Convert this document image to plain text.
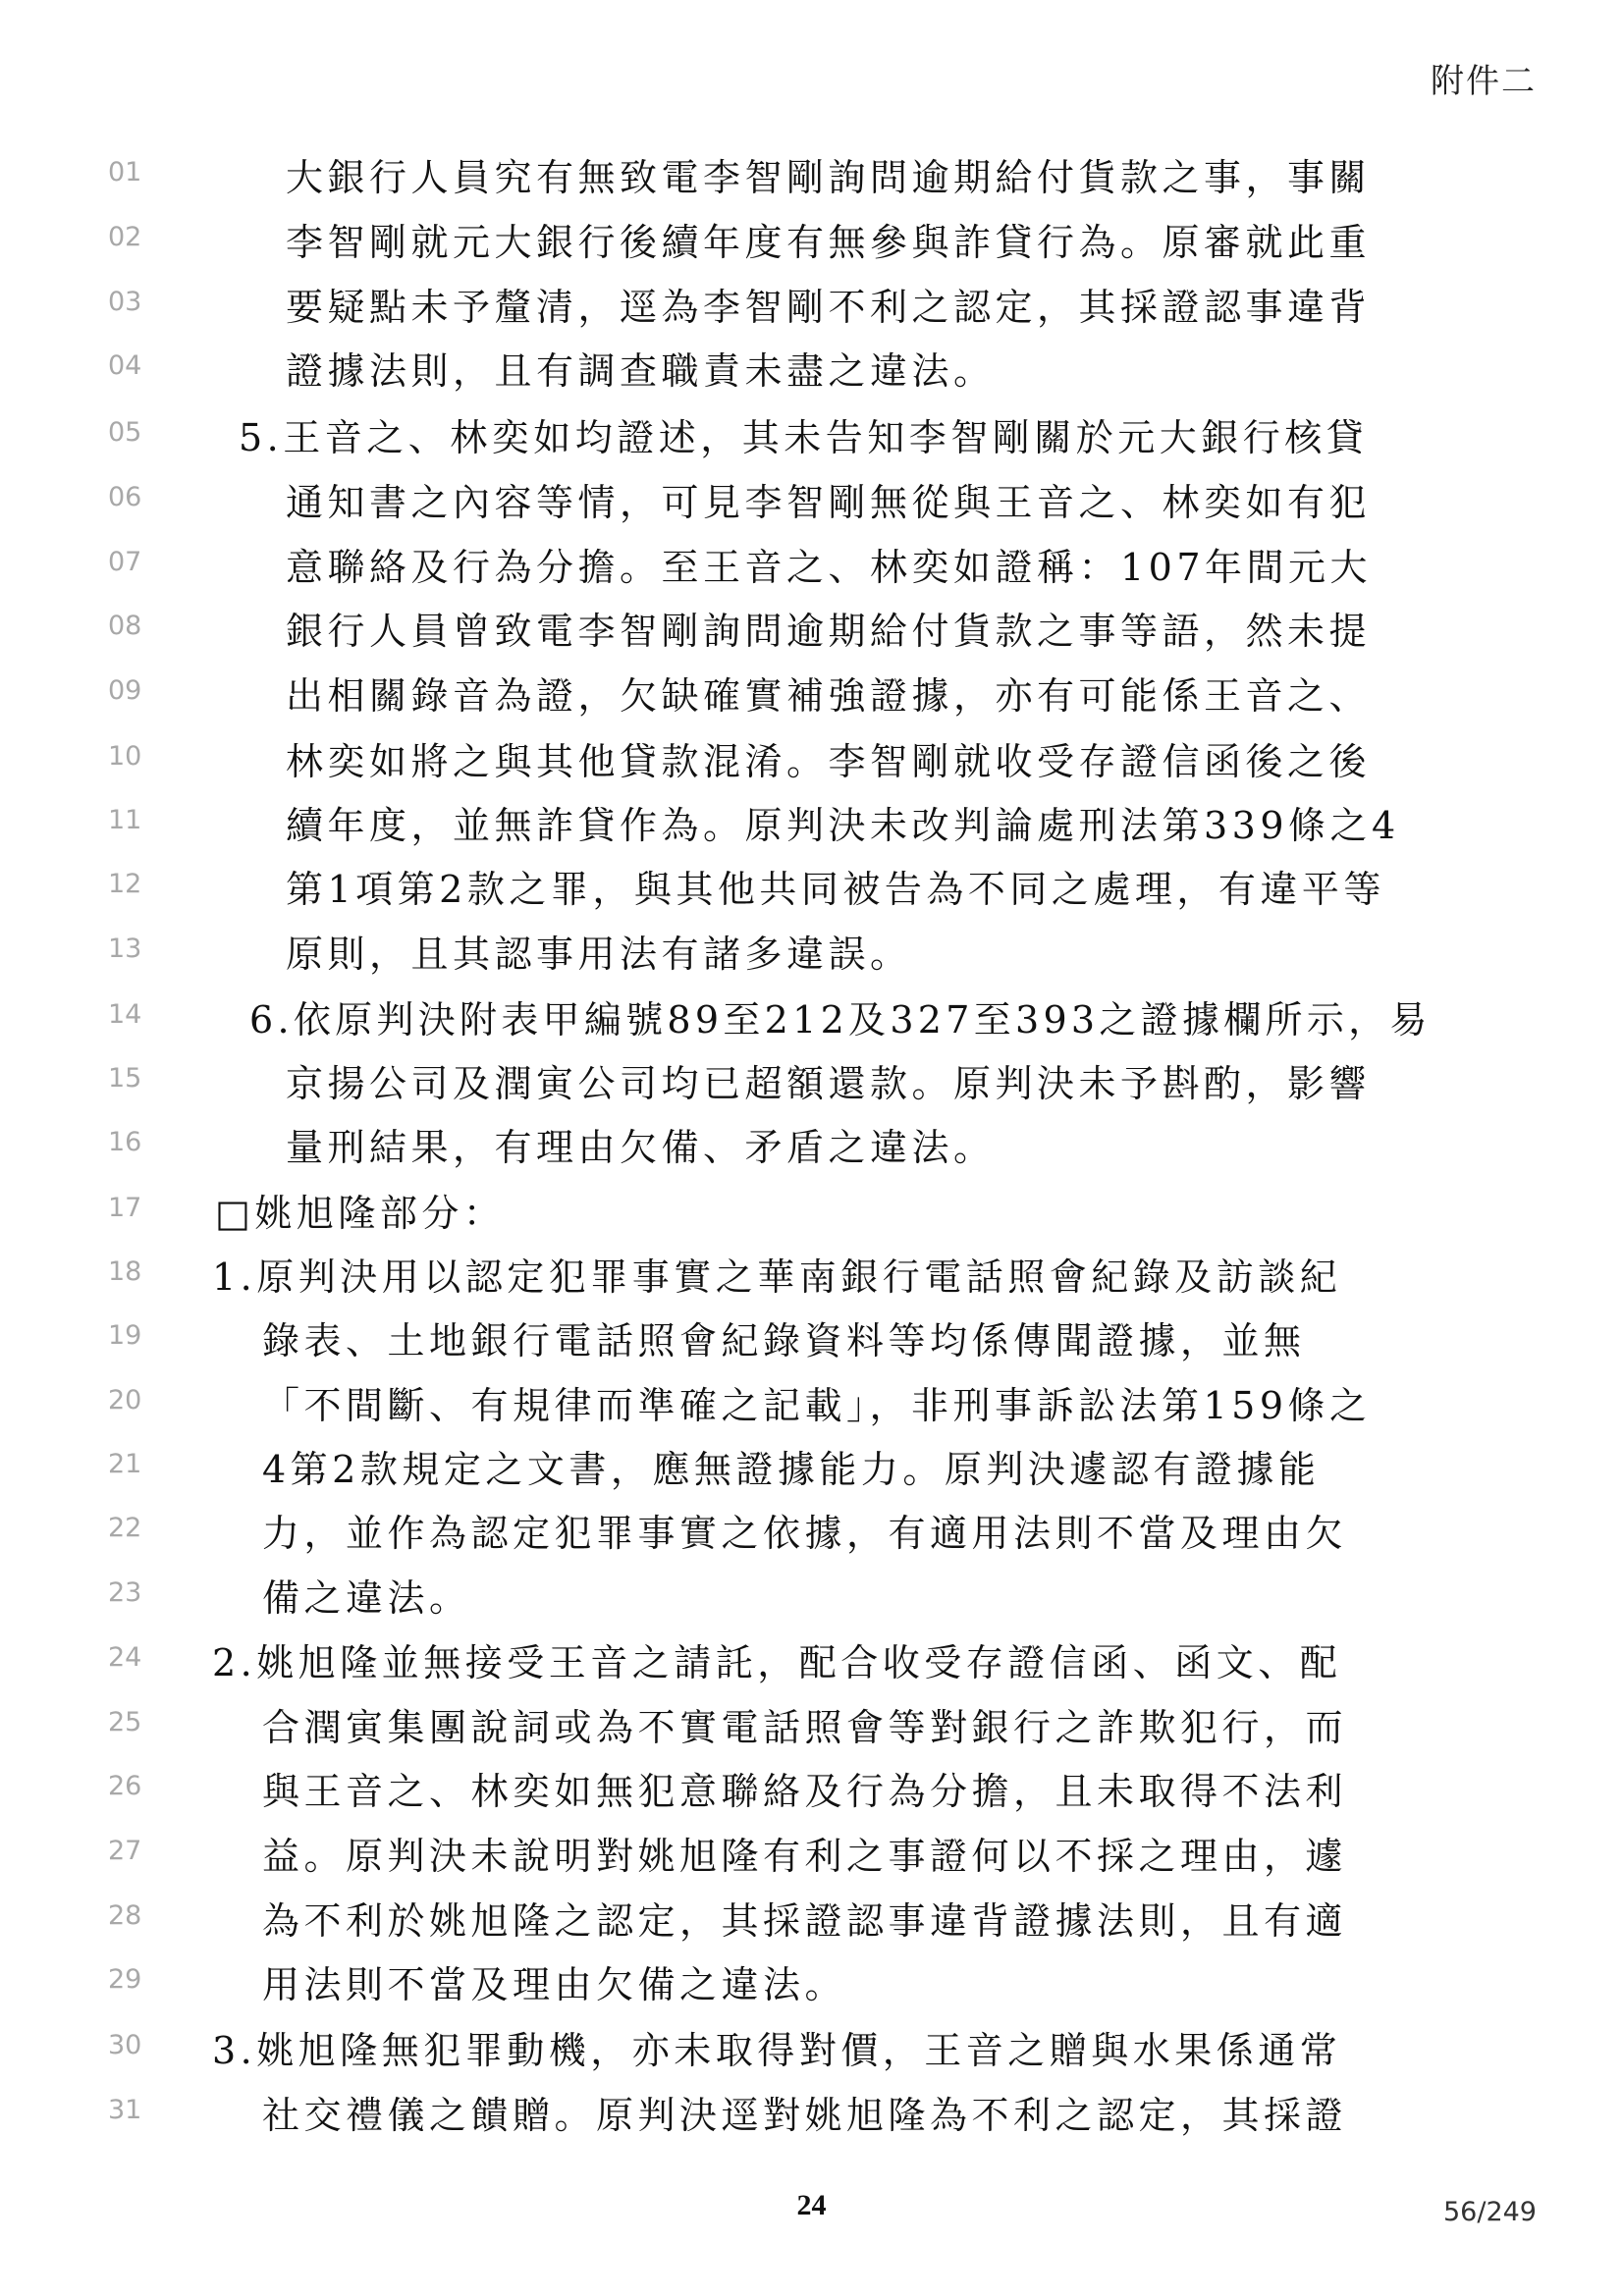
附件二
01	大銀行人員究有無致電李智剛詢問逾期給付貨款之事，事關
02	李智剛就元大銀行後續年度有無參與詐貸行為。原審就此重
03	要疑點未予釐清，逕為李智剛不利之認定，其採證認事違背
04	證據法則，且有調查職責未盡之違法。
05	5.王音之、林奕如均證述，其未告知李智剛關於元大銀行核貸
06	通知書之內容等情，可見李智剛無從與王音之、林奕如有犯
07	意聯絡及行為分擔。至王音之、林奕如證稱：107年間元大
08	銀行人員曾致電李智剛詢問逾期給付貨款之事等語，然未提
09	出相關錄音為證，欠缺確實補強證據，亦有可能係王音之、
10	林奕如將之與其他貸款混淆。李智剛就收受存證信函後之後
11	續年度，並無詐貸作為。原判決未改判論處刑法第339條之4
12	第1項第2款之罪，與其他共同被告為不同之處理，有違平等
13	原則，且其認事用法有諸多違誤。
14	6.依原判決附表甲編號89至212及327至393之證據欄所示，易
15	京揚公司及潤寅公司均已超額還款。原判決未予斟酌，影響
16	量刑結果，有理由欠備、矛盾之違法。
17	□姚旭隆部分：
18	1.原判決用以認定犯罪事實之華南銀行電話照會紀錄及訪談紀
19	錄表、土地銀行電話照會紀錄資料等均係傳聞證據，並無
20	「不間斷、有規律而準確之記載」，非刑事訴訟法第159條之
21	4第2款規定之文書，應無證據能力。原判決遽認有證據能
22	力，並作為認定犯罪事實之依據，有適用法則不當及理由欠
23	備之違法。
24	2.姚旭隆並無接受王音之請託，配合收受存證信函、函文、配
25	合潤寅集團說詞或為不實電話照會等對銀行之詐欺犯行，而
26	與王音之、林奕如無犯意聯絡及行為分擔，且未取得不法利
27	益。原判決未說明對姚旭隆有利之事證何以不採之理由，遽
28	為不利於姚旭隆之認定，其採證認事違背證據法則，且有適
29	用法則不當及理由欠備之違法。
30	3.姚旭隆無犯罪動機，亦未取得對價，王音之贈與水果係通常
31	社交禮儀之饋贈。原判決逕對姚旭隆為不利之認定，其採證
24	56/249
